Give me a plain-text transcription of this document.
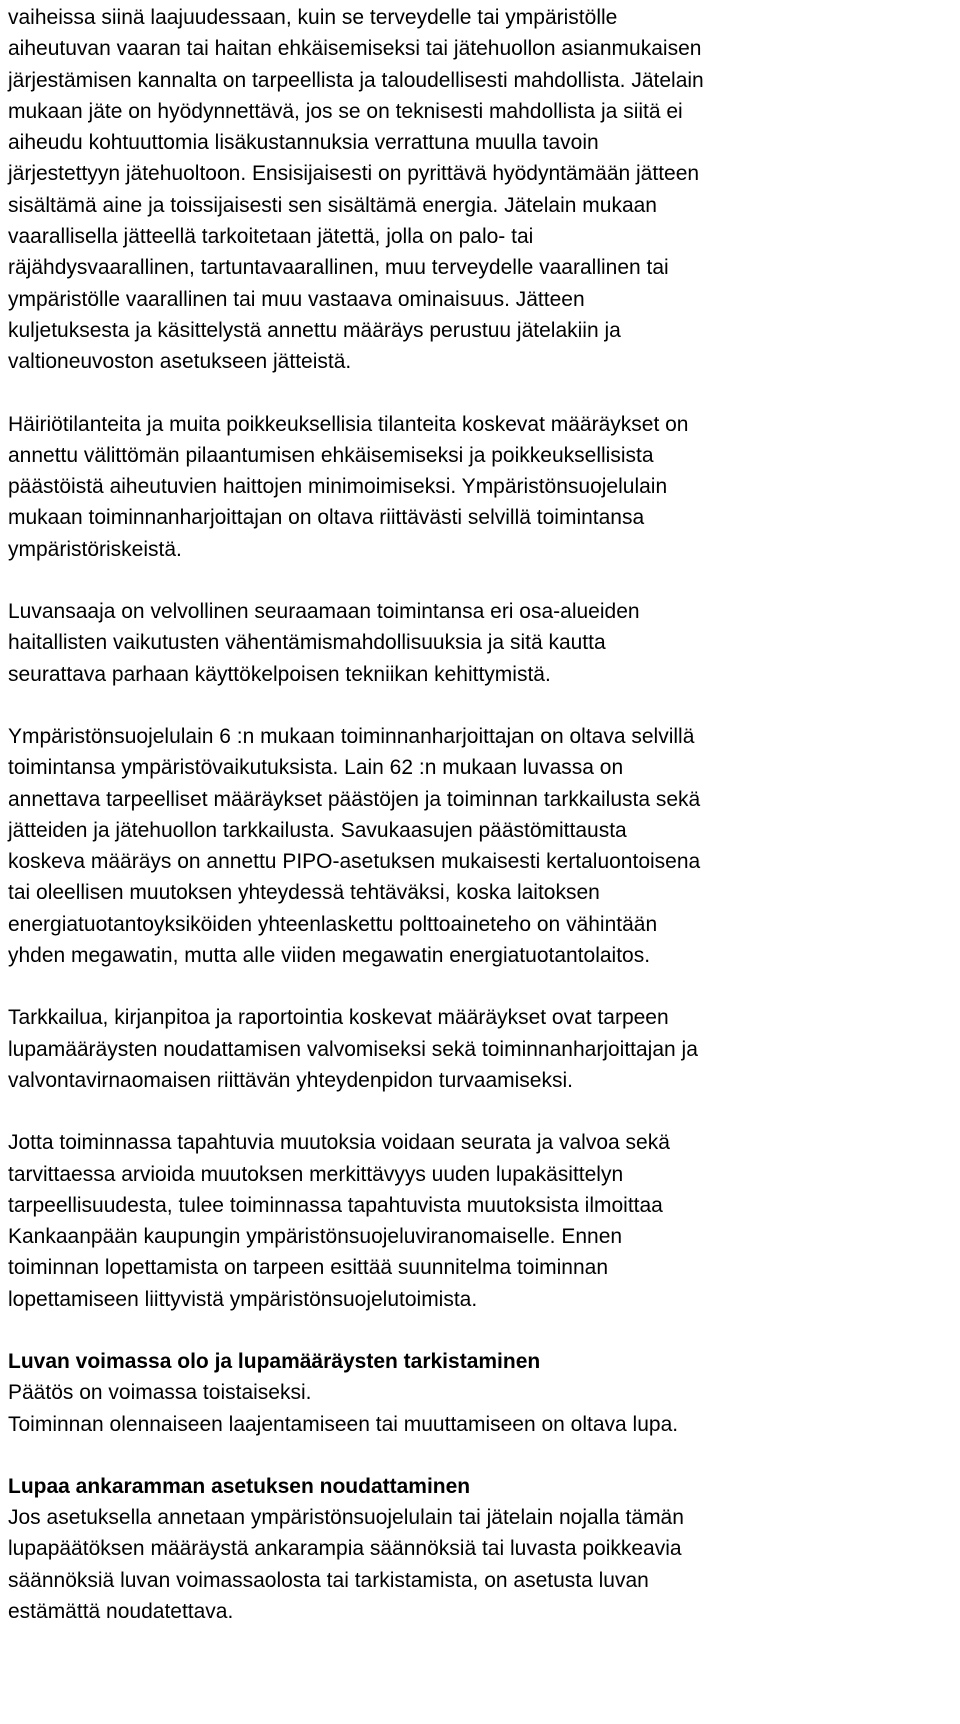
vaiheissa siinä laajuudessaan, kuin se terveydelle tai ympäristölle
aiheutuvan vaaran tai haitan ehkäisemiseksi tai jätehuollon asianmukaisen
järjestämisen kannalta on tarpeellista ja taloudellisesti mahdollista. Jätelain
mukaan jäte on hyödynnettävä, jos se on teknisesti mahdollista ja siitä ei
aiheudu kohtuuttomia lisäkustannuksia verrattuna muulla tavoin
järjestettyyn jätehuoltoon. Ensisijaisesti on pyrittävä hyödyntämään jätteen
sisältämä aine ja toissijaisesti sen sisältämä energia. Jätelain mukaan
vaarallisella jätteellä tarkoitetaan jätettä, jolla on palo- tai
räjähdysvaarallinen, tartuntavaarallinen, muu terveydelle vaarallinen tai
ympäristölle vaarallinen tai muu vastaava ominaisuus. Jätteen
kuljetuksesta ja käsittelystä annettu määräys perustuu jätelakiin ja
valtioneuvoston asetukseen jätteistä.

Häiriötilanteita ja muita poikkeuksellisia tilanteita koskevat määräykset on
annettu välittömän pilaantumisen ehkäisemiseksi ja poikkeuksellisista
päästöistä aiheutuvien haittojen minimoimiseksi. Ympäristönsuojelulain
mukaan toiminnanharjoittajan on oltava riittävästi selvillä toimintansa
ympäristöriskeistä.

Luvansaaja on velvollinen seuraamaan toimintansa eri osa-alueiden
haitallisten vaikutusten vähentämismahdollisuuksia ja sitä kautta
seurattava parhaan käyttökelpoisen tekniikan kehittymistä.

Ympäristönsuojelulain 6 :n mukaan toiminnanharjoittajan on oltava selvillä
toimintansa ympäristövaikutuksista. Lain 62 :n mukaan luvassa on
annettava tarpeelliset määräykset päästöjen ja toiminnan tarkkailusta sekä
jätteiden ja jätehuollon tarkkailusta. Savukaasujen päästömittausta
koskeva määräys on annettu PIPO-asetuksen mukaisesti kertaluontoisena
tai oleellisen muutoksen yhteydessä tehtäväksi, koska laitoksen
energiatuotantoyksiköiden yhteenlaskettu polttoaineteho on vähintään
yhden megawatin, mutta alle viiden megawatin energiatuotantolaitos.

Tarkkailua, kirjanpitoa ja raportointia koskevat määräykset ovat tarpeen
lupamääräysten noudattamisen valvomiseksi sekä toiminnanharjoittajan ja
valvontavirnaomaisen riittävän yhteydenpidon turvaamiseksi.

Jotta toiminnassa tapahtuvia muutoksia voidaan seurata ja valvoa sekä
tarvittaessa arvioida muutoksen merkittävyys uuden lupakäsittelyn
tarpeellisuudesta, tulee toiminnassa tapahtuvista muutoksista ilmoittaa
Kankaanpään kaupungin ympäristönsuojeluviranomaiselle. Ennen
toiminnan lopettamista on tarpeen esittää suunnitelma toiminnan
lopettamiseen liittyvistä ympäristönsuojelutoimista.

Luvan voimassa olo ja lupamääräysten tarkistaminen

Päätös on voimassa toistaiseksi.

Toiminnan olennaiseen laajentamiseen tai muuttamiseen on oltava lupa.

Lupaa ankaramman asetuksen noudattaminen

Jos asetuksella annetaan ympäristönsuojelulain tai jätelain nojalla tämän
lupapäätöksen määräystä ankarampia säännöksiä tai luvasta poikkeavia
säännöksiä luvan voimassaolosta tai tarkistamista, on asetusta luvan
estämättä noudatettava.
